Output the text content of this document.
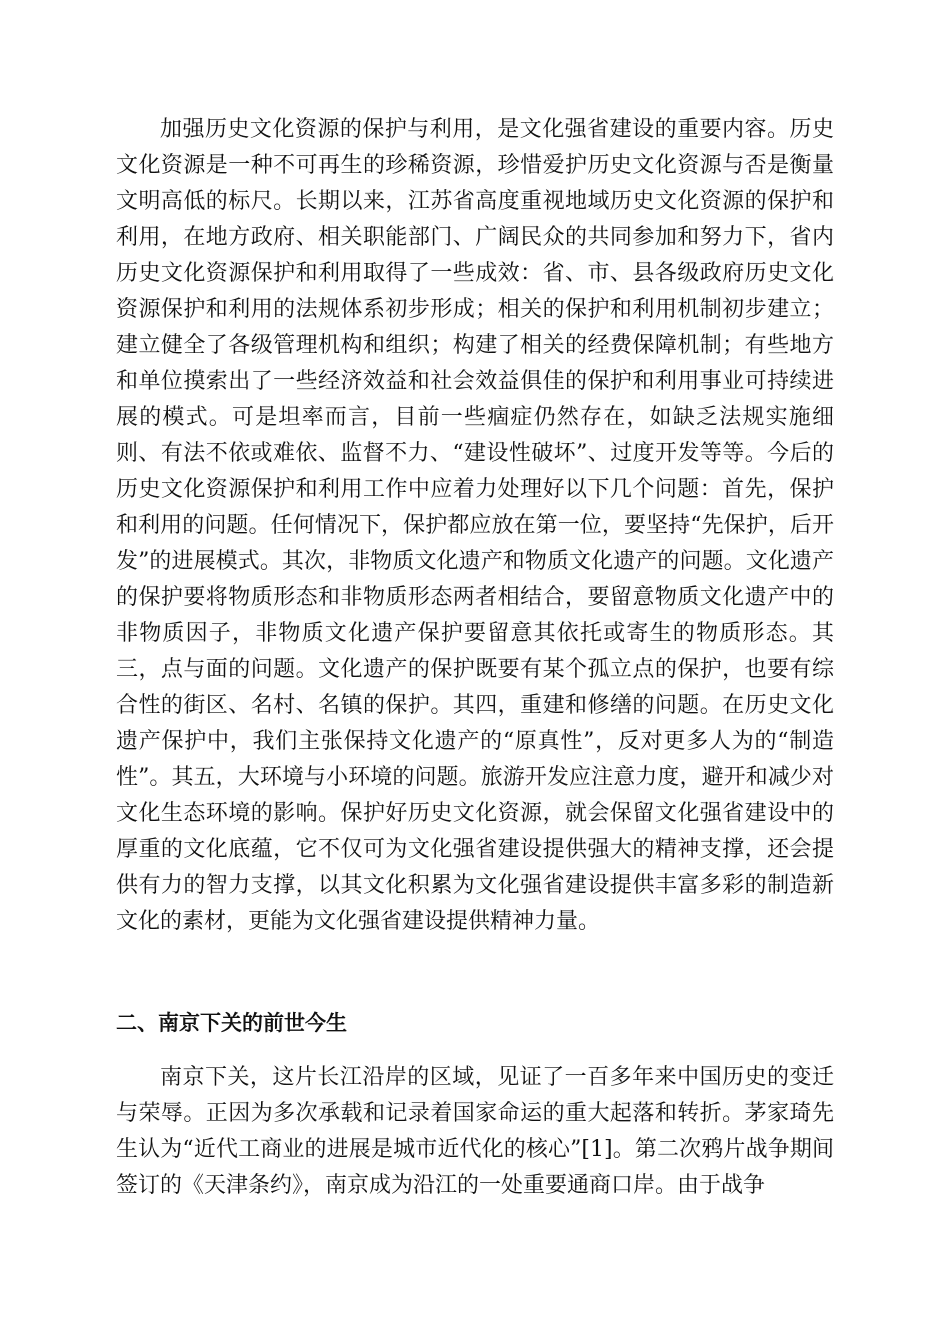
加强历史文化资源的保护与利用，是文化强省建设的重要内容。历史文化资源是一种不可再生的珍稀资源，珍惜爱护历史文化资源与否是衡量文明高低的标尺。长期以来，江苏省高度重视地域历史文化资源的保护和利用，在地方政府、相关职能部门、广阔民众的共同参加和努力下，省内历史文化资源保护和利用取得了一些成效：省、市、县各级政府历史文化资源保护和利用的法规体系初步形成；相关的保护和利用机制初步建立；建立健全了各级管理机构和组织；构建了相关的经费保障机制；有些地方和单位摸索出了一些经济效益和社会效益俱佳的保护和利用事业可持续进展的模式。可是坦率而言，目前一些痼症仍然存在，如缺乏法规实施细则、有法不依或难依、监督不力、“建设性破坏”、过度开发等等。今后的历史文化资源保护和利用工作中应着力处理好以下几个问题：首先，保护和利用的问题。任何情况下，保护都应放在第一位，要坚持“先保护，后开发”的进展模式。其次，非物质文化遗产和物质文化遗产的问题。文化遗产的保护要将物质形态和非物质形态两者相结合，要留意物质文化遗产中的非物质因子，非物质文化遗产保护要留意其依托或寄生的物质形态。其三，点与面的问题。文化遗产的保护既要有某个孤立点的保护，也要有综合性的街区、名村、名镇的保护。其四，重建和修缮的问题。在历史文化遗产保护中，我们主张保持文化遗产的“原真性”，反对更多人为的“制造性”。其五，大环境与小环境的问题。旅游开发应注意力度，避开和减少对文化生态环境的影响。保护好历史文化资源，就会保留文化强省建设中的厚重的文化底蕴，它不仅可为文化强省建设提供强大的精神支撑，还会提供有力的智力支撑，以其文化积累为文化强省建设提供丰富多彩的制造新文化的素材，更能为文化强省建设提供精神力量。

二、南京下关的前世今生

南京下关，这片长江沿岸的区域，见证了一百多年来中国历史的变迁与荣辱。正因为多次承载和记录着国家命运的重大起落和转折。茅家琦先生认为“近代工商业的进展是城市近代化的核心”[1]。第二次鸦片战争期间签订的《天津条约》，南京成为沿江的一处重要通商口岸。由于战争
